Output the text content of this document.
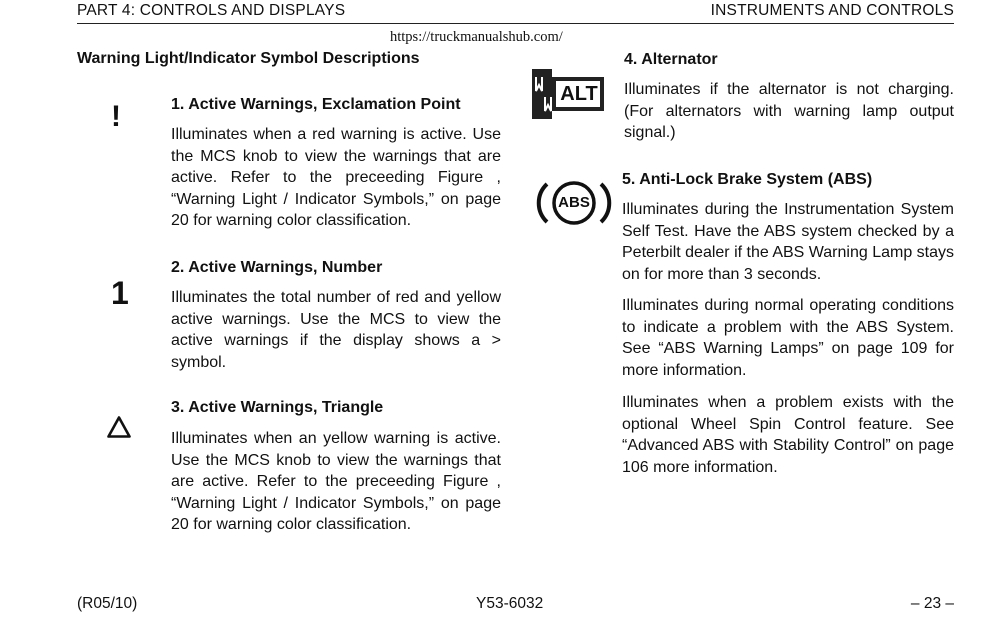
PART 4: CONTROLS AND DISPLAYS	INSTRUMENTS AND CONTROLS
https://truckmanualshub.com/
Warning Light/Indicator Symbol Descriptions
!	1. Active Warnings, Exclamation Point
Illuminates when a red warning is active. Use the MCS knob to view the warnings that are active. Refer to the preceeding Figure , “Warning Light / Indicator Symbols,” on page 20 for warning color classification.
1
2. Active Warnings, Number
Illuminates the total number of red and yellow active warnings. Use the MCS to view the active warnings if the display shows a > symbol.
3. Active Warnings, Triangle
Illuminates when an yellow warning is active. Use the MCS knob to view the warnings that are active. Refer to the preceeding Figure , “Warning Light / Indicator Symbols,” on page 20 for warning color classification.
ALT
4. Alternator
Illuminates if the alternator is not charging. (For alternators with warning lamp output signal.)
ABS
5. Anti-Lock Brake System (ABS)
Illuminates during the Instrumentation System Self Test. Have the ABS system checked by a Peterbilt dealer if the ABS Warning Lamp stays on for more than 3 seconds.
Illuminates during normal operating conditions to indicate a problem with the ABS System. See “ABS Warning Lamps” on page 109 for more information.
Illuminates when a problem exists with the optional Wheel Spin Control feature. See “Advanced ABS with Stability Control” on page 106 more information.
(R05/10)	Y53-6032	– 23 –
